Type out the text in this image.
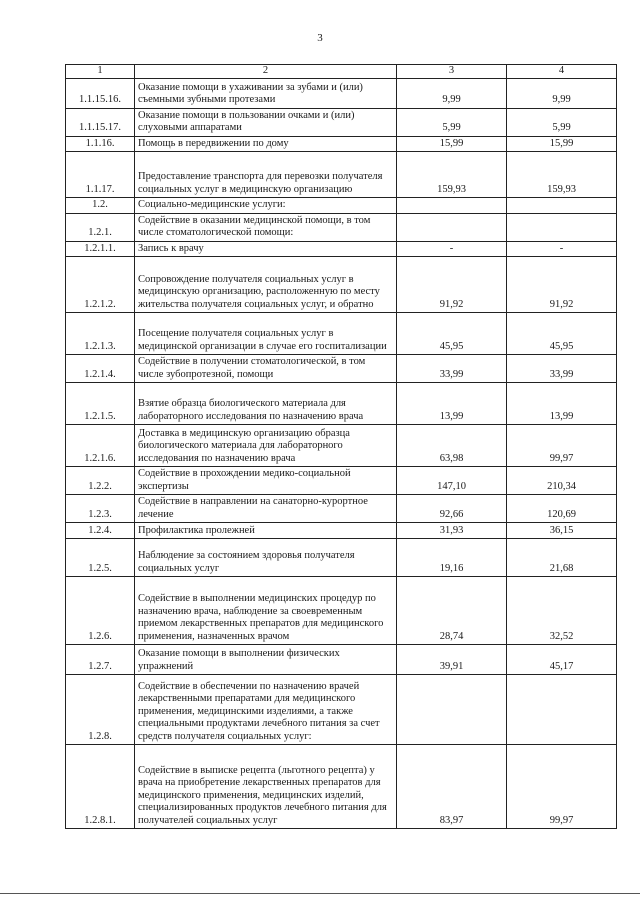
3
1	2	3	4
1.1.15.16.	Оказание помощи в ухаживании за зубами и (или) съемными зубными протезами	9,99	9,99
1.1.15.17.	Оказание помощи в пользовании очками и (или) слуховыми аппаратами	5,99	5,99
1.1.16.	Помощь в передвижении по дому	15,99	15,99
1.1.17.	Предоставление транспорта для перевозки получателя социальных услуг в медицинскую организацию	159,93	159,93
1.2.	Социально-медицинские услуги:		
1.2.1.	Содействие в оказании медицинской помощи, в том числе стоматологической помощи:		
1.2.1.1.	Запись к врачу	-	-
1.2.1.2.	Сопровождение получателя социальных услуг в медицинскую организацию, расположенную по месту жительства получателя социальных услуг, и обратно	91,92	91,92
1.2.1.3.	Посещение получателя социальных услуг в медицинской организации в случае его госпитализации	45,95	45,95
1.2.1.4.	Содействие в получении стоматологической, в том числе зубопротезной, помощи	33,99	33,99
1.2.1.5.	Взятие образца биологического материала для лабораторного исследования по назначению врача	13,99	13,99
1.2.1.6.	Доставка в медицинскую организацию образца биологического материала для лабораторного исследования по назначению врача	63,98	99,97
1.2.2.	Содействие в прохождении медико-социальной экспертизы	147,10	210,34
1.2.3.	Содействие в направлении на санаторно-курортное лечение	92,66	120,69
1.2.4.	Профилактика пролежней	31,93	36,15
1.2.5.	Наблюдение за состоянием здоровья получателя социальных услуг	19,16	21,68
1.2.6.	Содействие в выполнении медицинских процедур по назначению врача, наблюдение за своевременным приемом лекарственных препаратов для медицинского применения, назначенных врачом	28,74	32,52
1.2.7.	Оказание помощи в выполнении физических упражнений	39,91	45,17
1.2.8.	Содействие в обеспечении по назначению врачей лекарственными препаратами для медицинского применения, медицинскими изделиями, а также специальными продуктами лечебного питания за счет средств получателя социальных услуг:		
1.2.8.1.	Содействие в выписке рецепта (льготного рецепта) у врача на приобретение лекарственных препаратов для медицинского применения, медицинских изделий, специализированных продуктов лечебного питания для получателей социальных услуг	83,97	99,97
